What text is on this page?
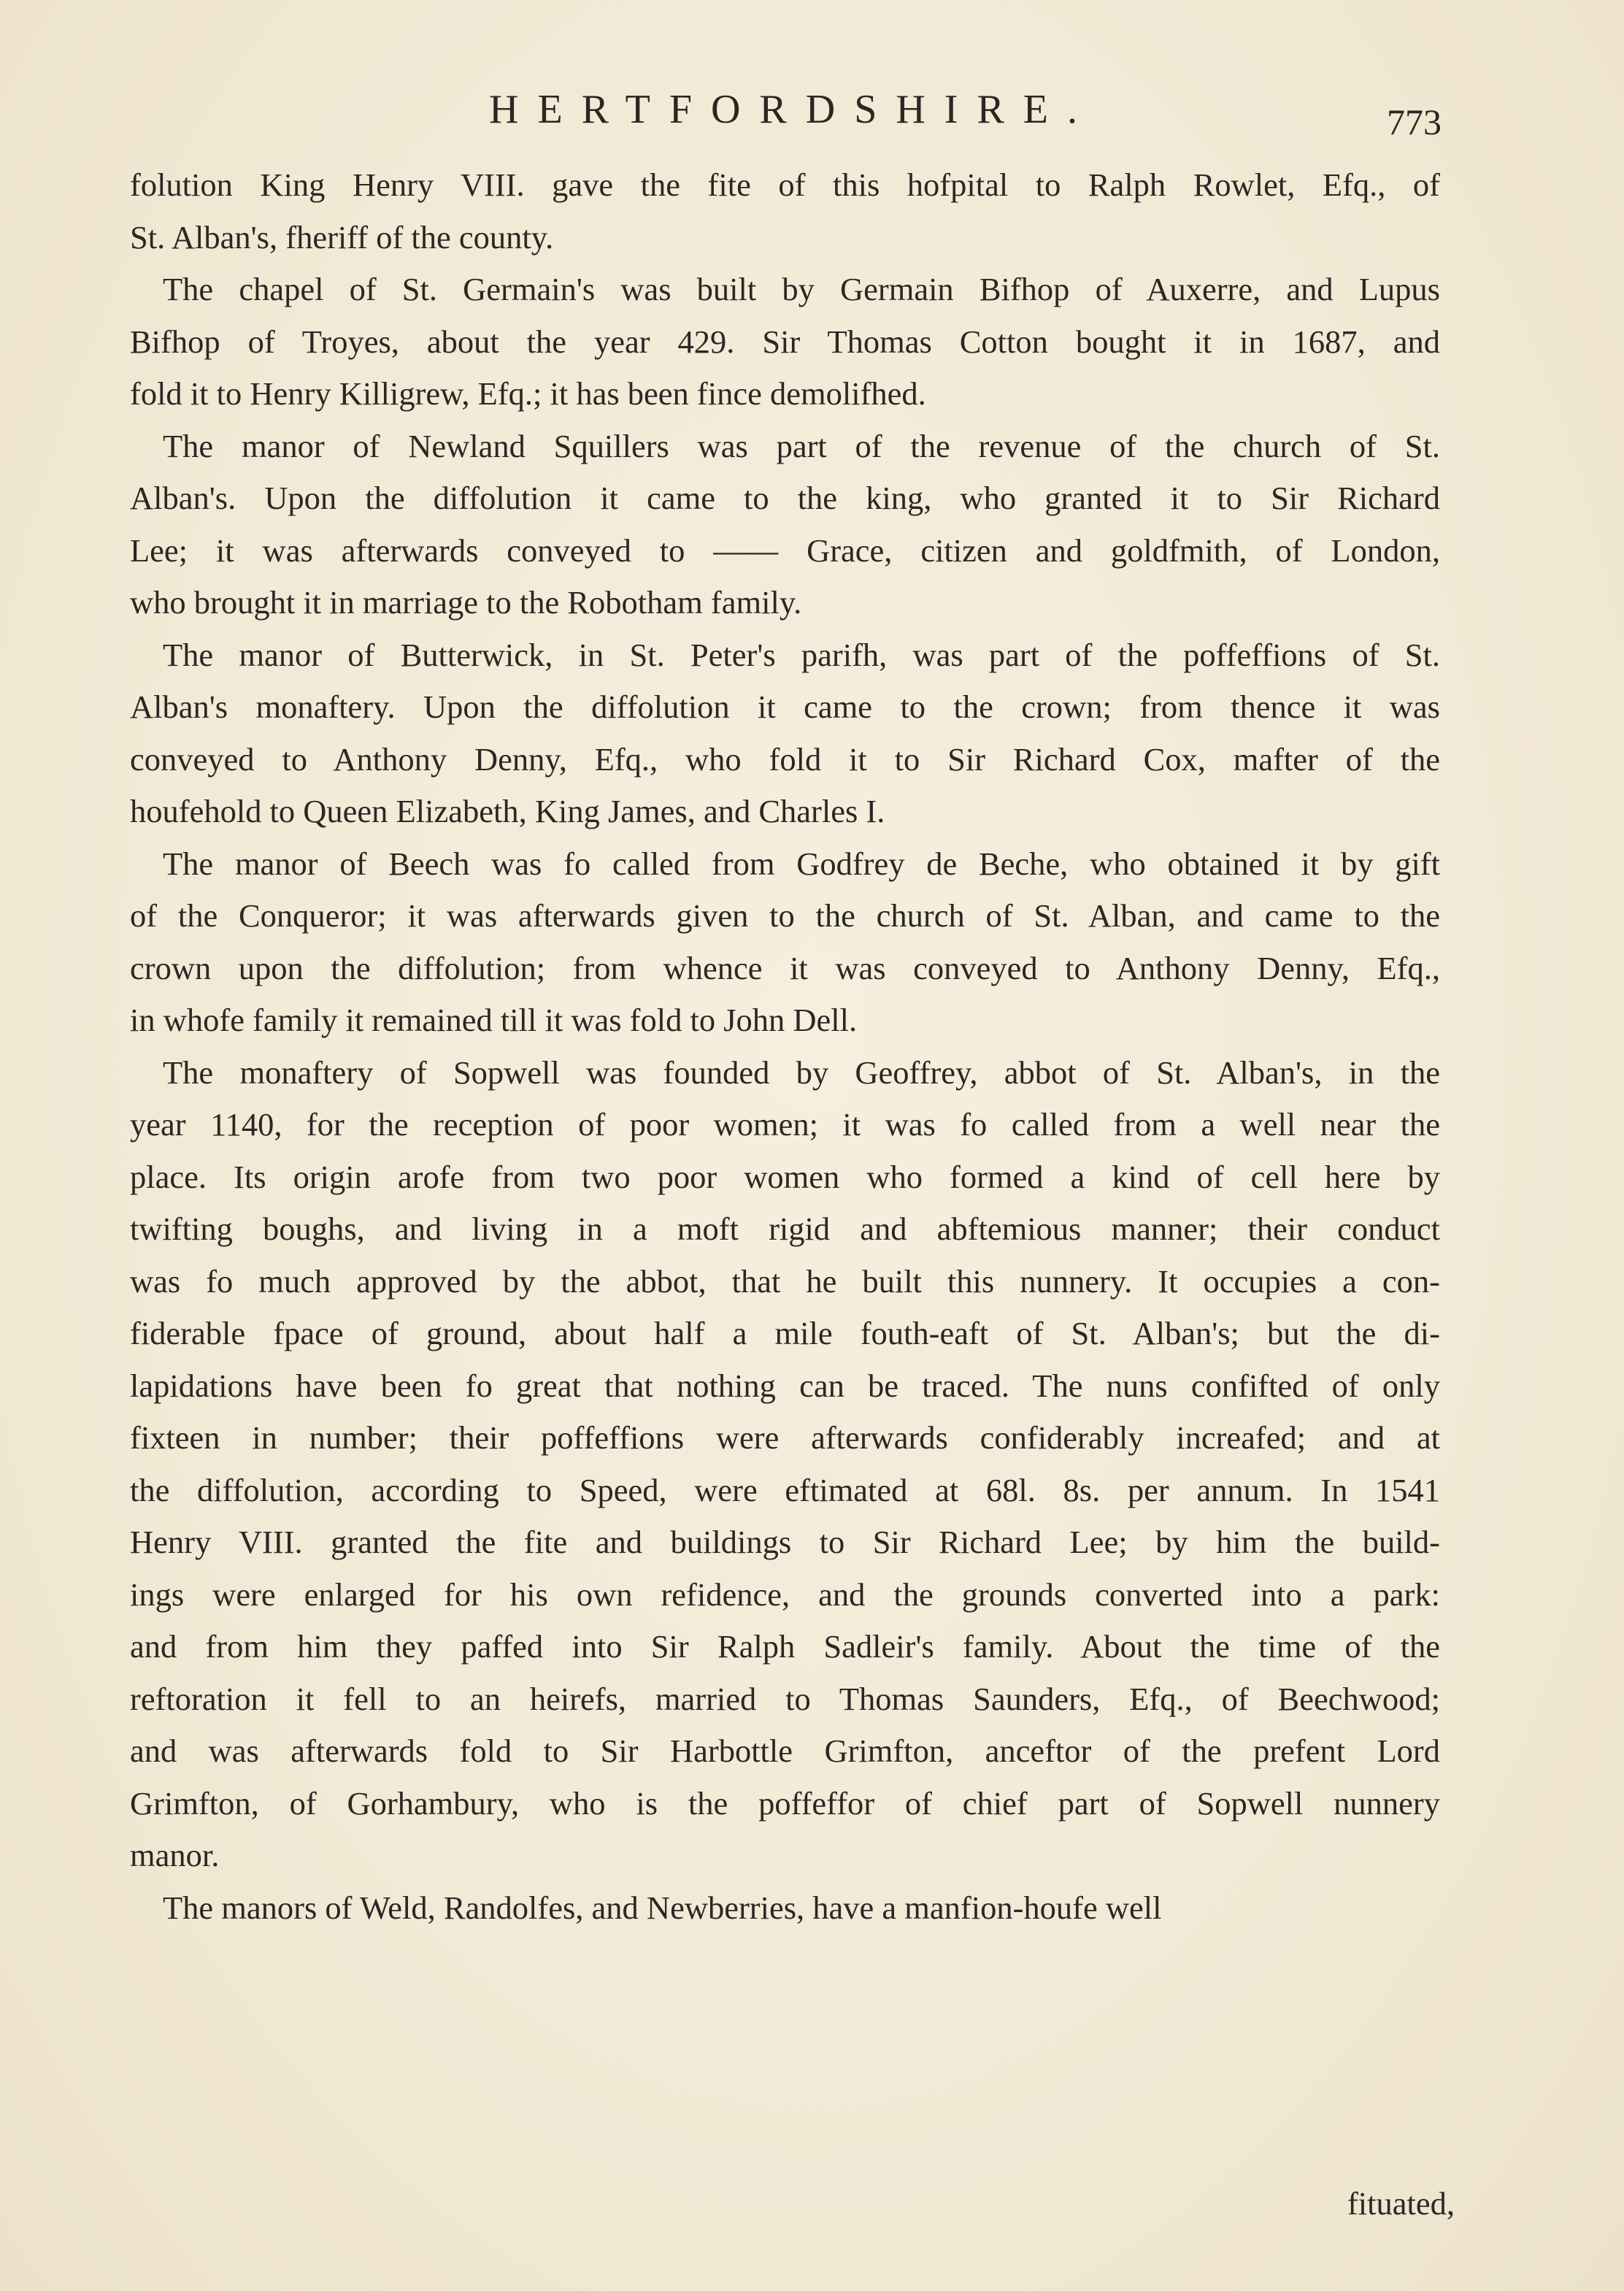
HERTFORDSHIRE.	773
folution King Henry VIII. gave the fite of this hofpital to Ralph Rowlet, Efq., of
St. Alban's, fheriff of the county.
The chapel of St. Germain's was built by Germain Bifhop of Auxerre, and Lupus
Bifhop of Troyes, about the year 429. Sir Thomas Cotton bought it in 1687, and
fold it to Henry Killigrew, Efq.; it has been fince demolifhed.
The manor of Newland Squillers was part of the revenue of the church of St.
Alban's. Upon the diffolution it came to the king, who granted it to Sir Richard
Lee; it was afterwards conveyed to —— Grace, citizen and goldfmith, of London,
who brought it in marriage to the Robotham family.
The manor of Butterwick, in St. Peter's parifh, was part of the poffeffions of St.
Alban's monaftery. Upon the diffolution it came to the crown; from thence it was
conveyed to Anthony Denny, Efq., who fold it to Sir Richard Cox, mafter of the
houfehold to Queen Elizabeth, King James, and Charles I.
The manor of Beech was fo called from Godfrey de Beche, who obtained it by gift
of the Conqueror; it was afterwards given to the church of St. Alban, and came to the
crown upon the diffolution; from whence it was conveyed to Anthony Denny, Efq.,
in whofe family it remained till it was fold to John Dell.
The monaftery of Sopwell was founded by Geoffrey, abbot of St. Alban's, in the
year 1140, for the reception of poor women; it was fo called from a well near the
place. Its origin arofe from two poor women who formed a kind of cell here by
twifting boughs, and living in a moft rigid and abftemious manner; their conduct
was fo much approved by the abbot, that he built this nunnery. It occupies a con-
fiderable fpace of ground, about half a mile fouth-eaft of St. Alban's; but the di-
lapidations have been fo great that nothing can be traced. The nuns confifted of only
fixteen in number; their poffeffions were afterwards confiderably increafed; and at
the diffolution, according to Speed, were eftimated at 68l. 8s. per annum. In 1541
Henry VIII. granted the fite and buildings to Sir Richard Lee; by him the build-
ings were enlarged for his own refidence, and the grounds converted into a park:
and from him they paffed into Sir Ralph Sadleir's family. About the time of the
reftoration it fell to an heirefs, married to Thomas Saunders, Efq., of Beechwood;
and was afterwards fold to Sir Harbottle Grimfton, anceftor of the prefent Lord
Grimfton, of Gorhambury, who is the poffeffor of chief part of Sopwell nunnery
manor.
The manors of Weld, Randolfes, and Newberries, have a manfion-houfe well
fituated,
